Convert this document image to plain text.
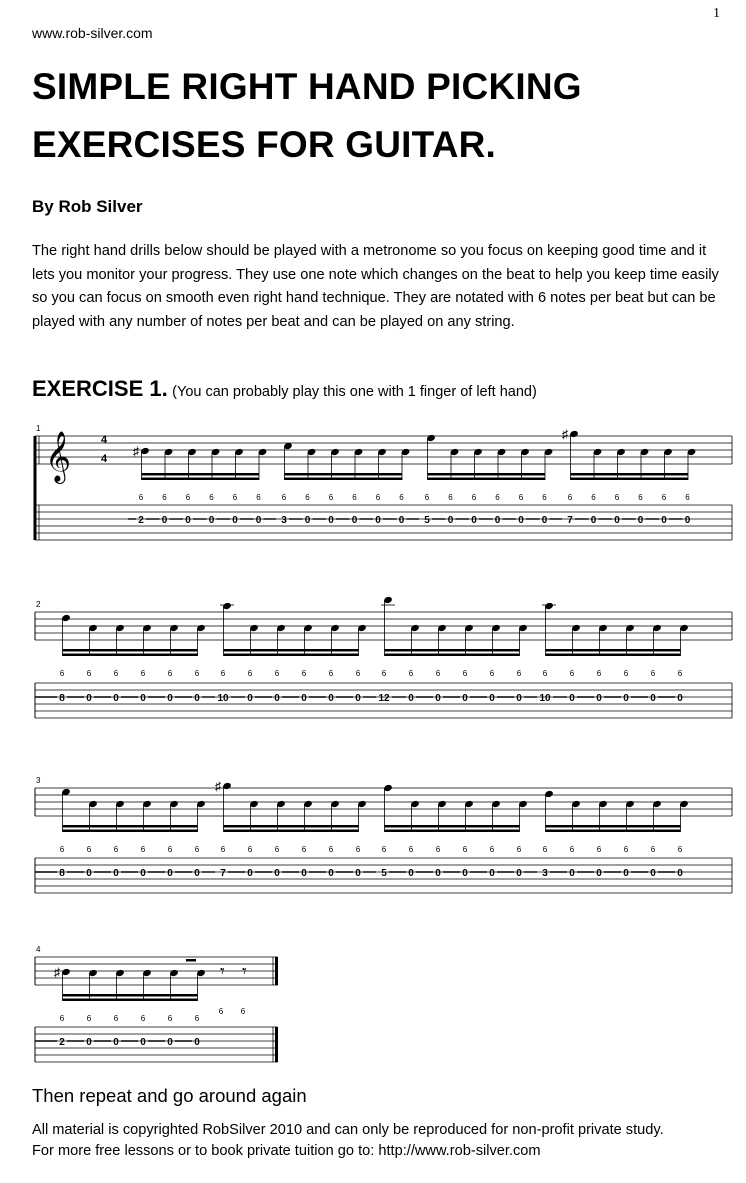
www.rob-silver.com
1
SIMPLE RIGHT HAND PICKING
EXERCISES FOR GUITAR.
By Rob Silver
The right hand drills below should be played with a metronome so you focus on keeping good time and it lets you monitor your progress. They use one note which changes on the beat to help you keep time easily so you can focus on smooth even right hand technique. They are notated with 6 notes per beat but can be played with any number of notes per beat and can be played on any string.
EXERCISE 1. (You can probably play this one with 1 finger of left hand)
𝄞	4
4
1
6
2
6
0
6
0
6
0
6
0
6
0
♯
6
3
6
0
6
0
6
0
6
0
6
0
6
5
6
0
6
0
6
0
6
0
6
0
6
7
6
0
6
0
6
0
6
0
6
0
♯
2
6
8
6
0
6
0
6
0
6
0
6
0
6
10
6
0
6
0
6
0
6
0
6
0
6
12
6
0
6
0
6
0
6
0
6
0
6
10
6
0
6
0
6
0
6
0
6
0
3
6
8
6
0
6
0
6
0
6
0
6
0
6
7
6
0
6
0
6
0
6
0
6
0
♯
6
5
6
0
6
0
6
0
6
0
6
0
6
3
6
0
6
0
6
0
6
0
6
0
4
6
2
6
0
6
0
6
0
6
0
6
0
♯	𝄾 𝄾
6 6
Then repeat and go around again
All material is copyrighted RobSilver 2010 and can only be reproduced for non-profit private study.
For more free lessons or to book private tuition go to: http://www.rob-silver.com
